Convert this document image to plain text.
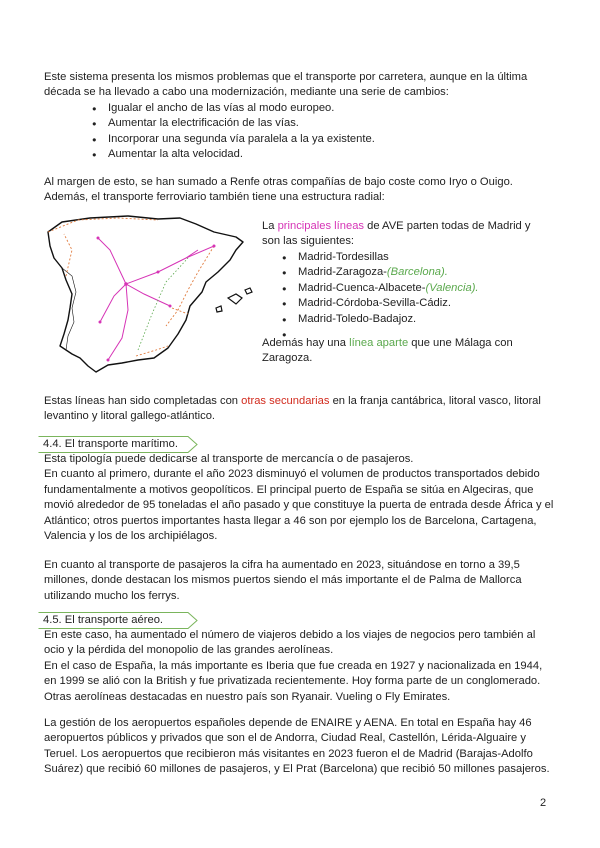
Este sistema presenta los mismos problemas que el transporte por carretera, aunque en la última
década se ha llevado a cabo una modernización, mediante una serie de cambios:
● Igualar el ancho de las vías al modo europeo.
● Aumentar la electrificación de las vías.
● Incorporar una segunda vía paralela a la ya existente.
● Aumentar la alta velocidad.
Al margen de esto, se han sumado a Renfe otras compañías de bajo coste como Iryo o Ouigo.
Además, el transporte ferroviario también tiene una estructura radial:
La principales líneas de AVE parten todas de Madrid y
son las siguientes:
● Madrid-Tordesillas
● Madrid-Zaragoza-(Barcelona).
● Madrid-Cuenca-Albacete-(Valencia).
● Madrid-Córdoba-Sevilla-Cádiz.
● Madrid-Toledo-Badajoz.
●
Además hay una línea aparte que une Málaga con
Zaragoza.
Estas líneas han sido completadas con otras secundarias en la franja cantábrica, litoral vasco, litoral
levantino y litoral gallego-atlántico.
4.4. El transporte marítimo.
Esta tipología puede dedicarse al transporte de mercancía o de pasajeros.
En cuanto al primero, durante el año 2023 disminuyó el volumen de productos transportados debido
fundamentalmente a motivos geopolíticos. El principal puerto de España se sitúa en Algeciras, que
movió alrededor de 95 toneladas el año pasado y que constituye la puerta de entrada desde África y el
Atlántico; otros puertos importantes hasta llegar a 46 son por ejemplo los de Barcelona, Cartagena,
Valencia y los de los archipiélagos.
En cuanto al transporte de pasajeros la cifra ha aumentado en 2023, situándose en torno a 39,5
millones, donde destacan los mismos puertos siendo el más importante el de Palma de Mallorca
utilizando mucho los ferrys.
4.5. El transporte aéreo.
En este caso, ha aumentado el número de viajeros debido a los viajes de negocios pero también al
ocio y la pérdida del monopolio de las grandes aerolíneas.
En el caso de España, la más importante es Iberia que fue creada en 1927 y nacionalizada en 1944,
en 1999 se alió con la British y fue privatizada recientemente. Hoy forma parte de un conglomerado.
Otras aerolíneas destacadas en nuestro país son Ryanair. Vueling o Fly Emirates.
La gestión de los aeropuertos españoles depende de ENAIRE y AENA. En total en España hay 46
aeropuertos públicos y privados que son el de Andorra, Ciudad Real, Castellón, Lérida-Alguaire y
Teruel. Los aeropuertos que recibieron más visitantes en 2023 fueron el de Madrid (Barajas-Adolfo
Suárez) que recibió 60 millones de pasajeros, y El Prat (Barcelona) que recibió 50 millones pasajeros.
2
